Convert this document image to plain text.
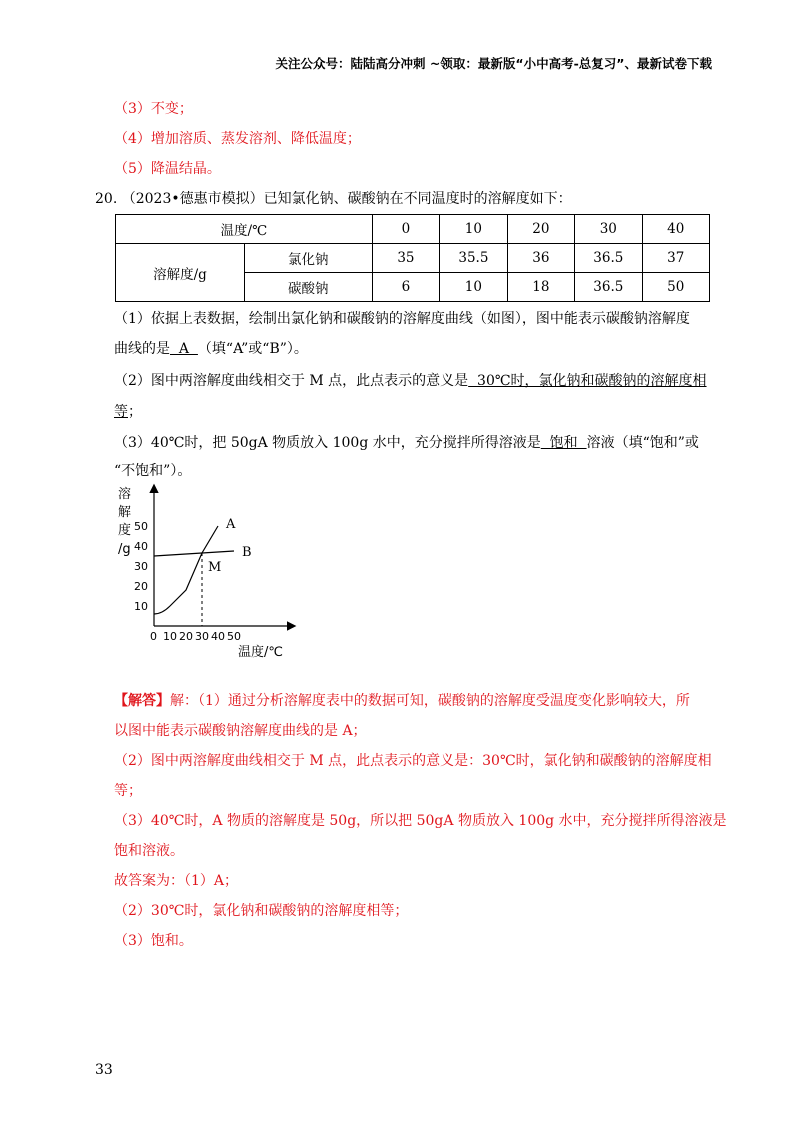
关注公众号：陆陆高分冲刺 ~领取：最新版“小中高考-总复习”、最新试卷下载
（3）不变；
（4）增加溶质、蒸发溶剂、降低温度；
（5）降温结晶。
20. （2023•德惠市模拟）已知氯化钠、碳酸钠在不同温度时的溶解度如下：
温度/℃		0	10	20	30	40
溶解度/g	氯化钠	35	35.5	36	36.5	37
	碳酸钠	6	10	18	36.5	50
（1）依据上表数据，绘制出氯化钠和碳酸钠的溶解度曲线（如图），图中能表示碳酸钠溶解度
曲线的是  A  （填“A”或“B”）。
（2）图中两溶解度曲线相交于 M 点，此点表示的意义是  30℃时，氯化钠和碳酸钠的溶解度相
等；
（3）40℃时，把 50gA 物质放入 100g 水中，充分搅拌所得溶液是  饱和  溶液（填“饱和”或
“不饱和”）。
溶
解
度
/g
温度/℃
0 10 20 30 40 50
10
20
30
40
50	A
B
M
【解答】解：（1）通过分析溶解度表中的数据可知，碳酸钠的溶解度受温度变化影响较大，所
以图中能表示碳酸钠溶解度曲线的是 A；
（2）图中两溶解度曲线相交于 M 点，此点表示的意义是：30℃时，氯化钠和碳酸钠的溶解度相
等；
（3）40℃时，A 物质的溶解度是 50g，所以把 50gA 物质放入 100g 水中，充分搅拌所得溶液是
饱和溶液。
故答案为：（1）A；
（2）30℃时，氯化钠和碳酸钠的溶解度相等；
（3）饱和。
33
